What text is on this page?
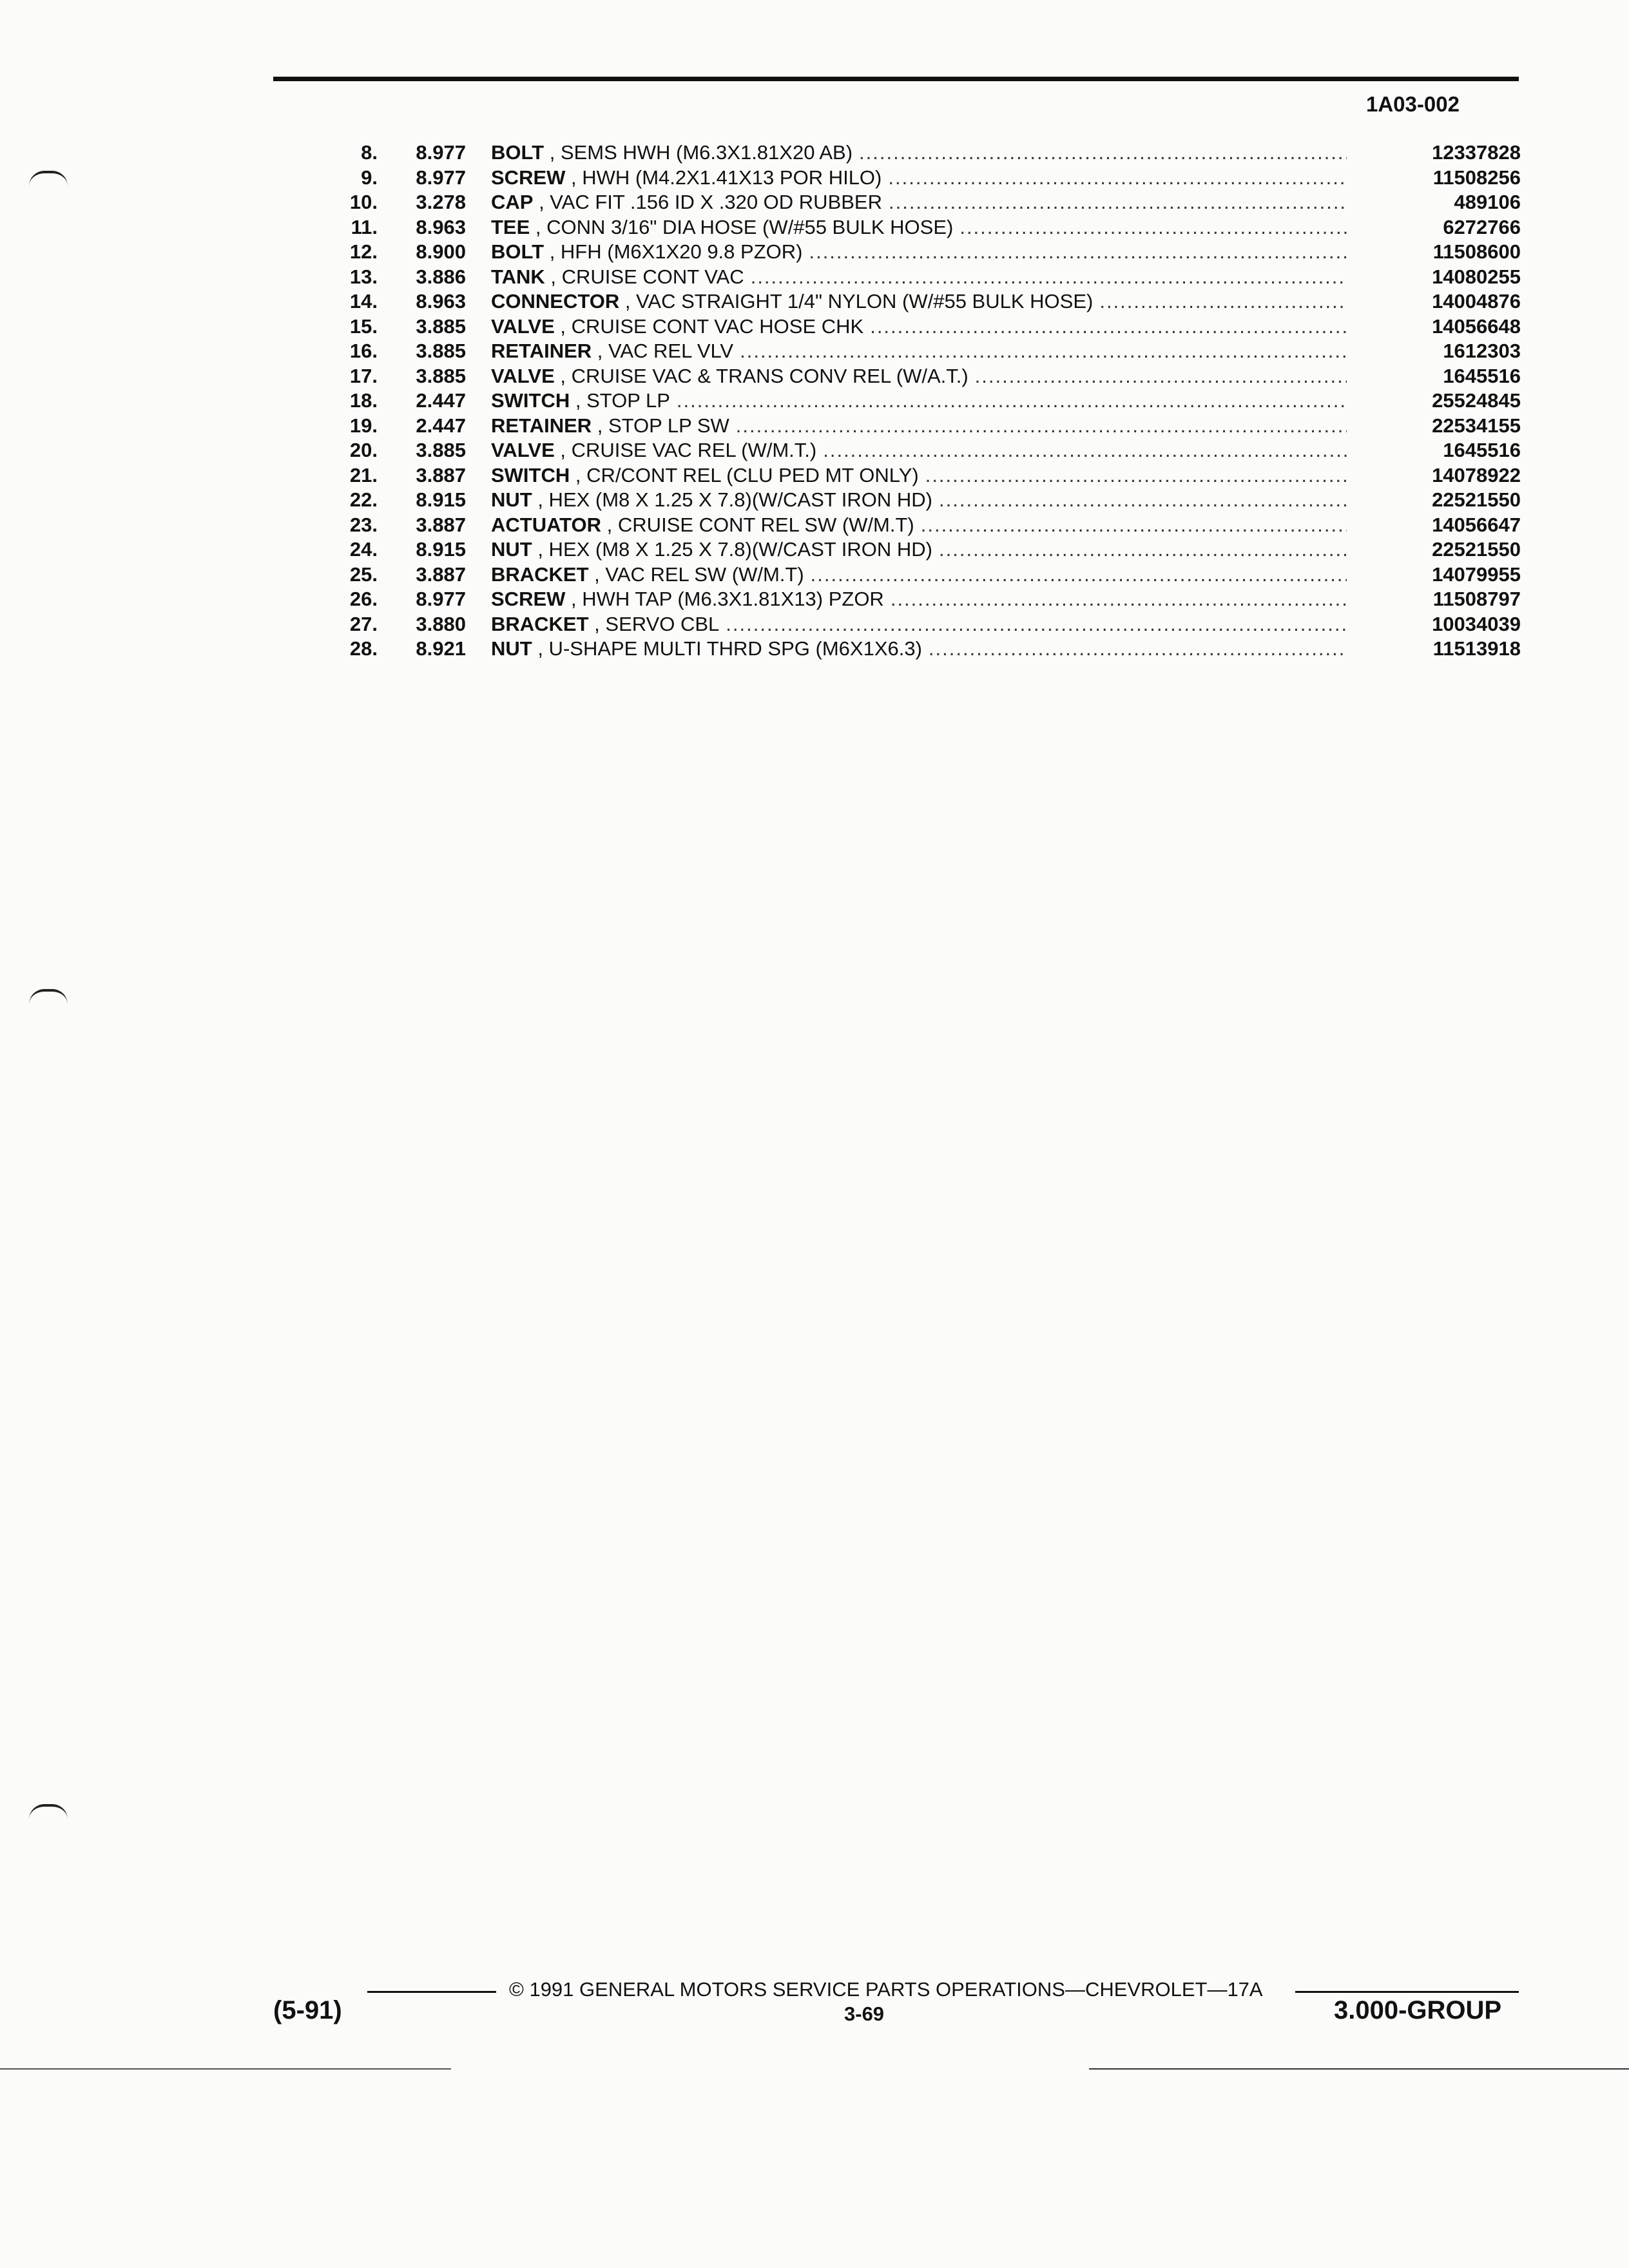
1A03-002
8.	8.977 BOLT , SEMS HWH (M6.3X1.81X20 AB) .....	12337828
9.	8.977 SCREW , HWH (M4.2X1.41X13 POR HILO) .....	11508256
10.	3.278 CAP , VAC FIT .156 ID X .320 OD RUBBER .....	489106
11.	8.963 TEE , CONN 3/16" DIA HOSE (W/#55 BULK HOSE) .....	6272766
12.	8.900 BOLT , HFH (M6X1X20 9.8 PZOR) .....	11508600
13.	3.886 TANK , CRUISE CONT VAC .....	14080255
14.	8.963 CONNECTOR , VAC STRAIGHT 1/4" NYLON (W/#55 BULK HOSE) .....	14004876
15.	3.885 VALVE , CRUISE CONT VAC HOSE CHK .....	14056648
16.	3.885 RETAINER , VAC REL VLV .....	1612303
17.	3.885 VALVE , CRUISE VAC & TRANS CONV REL (W/A.T.) .....	1645516
18.	2.447 SWITCH , STOP LP .....	25524845
19.	2.447 RETAINER , STOP LP SW .....	22534155
20.	3.885 VALVE , CRUISE VAC REL (W/M.T.) .....	1645516
21.	3.887 SWITCH , CR/CONT REL (CLU PED MT ONLY) .....	14078922
22.	8.915 NUT , HEX (M8 X 1.25 X 7.8)(W/CAST IRON HD) .....	22521550
23.	3.887 ACTUATOR , CRUISE CONT REL SW (W/M.T) .....	14056647
24.	8.915 NUT , HEX (M8 X 1.25 X 7.8)(W/CAST IRON HD) .....	22521550
25.	3.887 BRACKET , VAC REL SW (W/M.T) .....	14079955
26.	8.977 SCREW , HWH TAP (M6.3X1.81X13) PZOR .....	11508797
27.	3.880 BRACKET , SERVO CBL .....	10034039
28.	8.921 NUT , U-SHAPE MULTI THRD SPG (M6X1X6.3) .....	11513918
(5-91)
© 1991 GENERAL MOTORS SERVICE PARTS OPERATIONS—CHEVROLET—17A
3-69	3.000-GROUP
